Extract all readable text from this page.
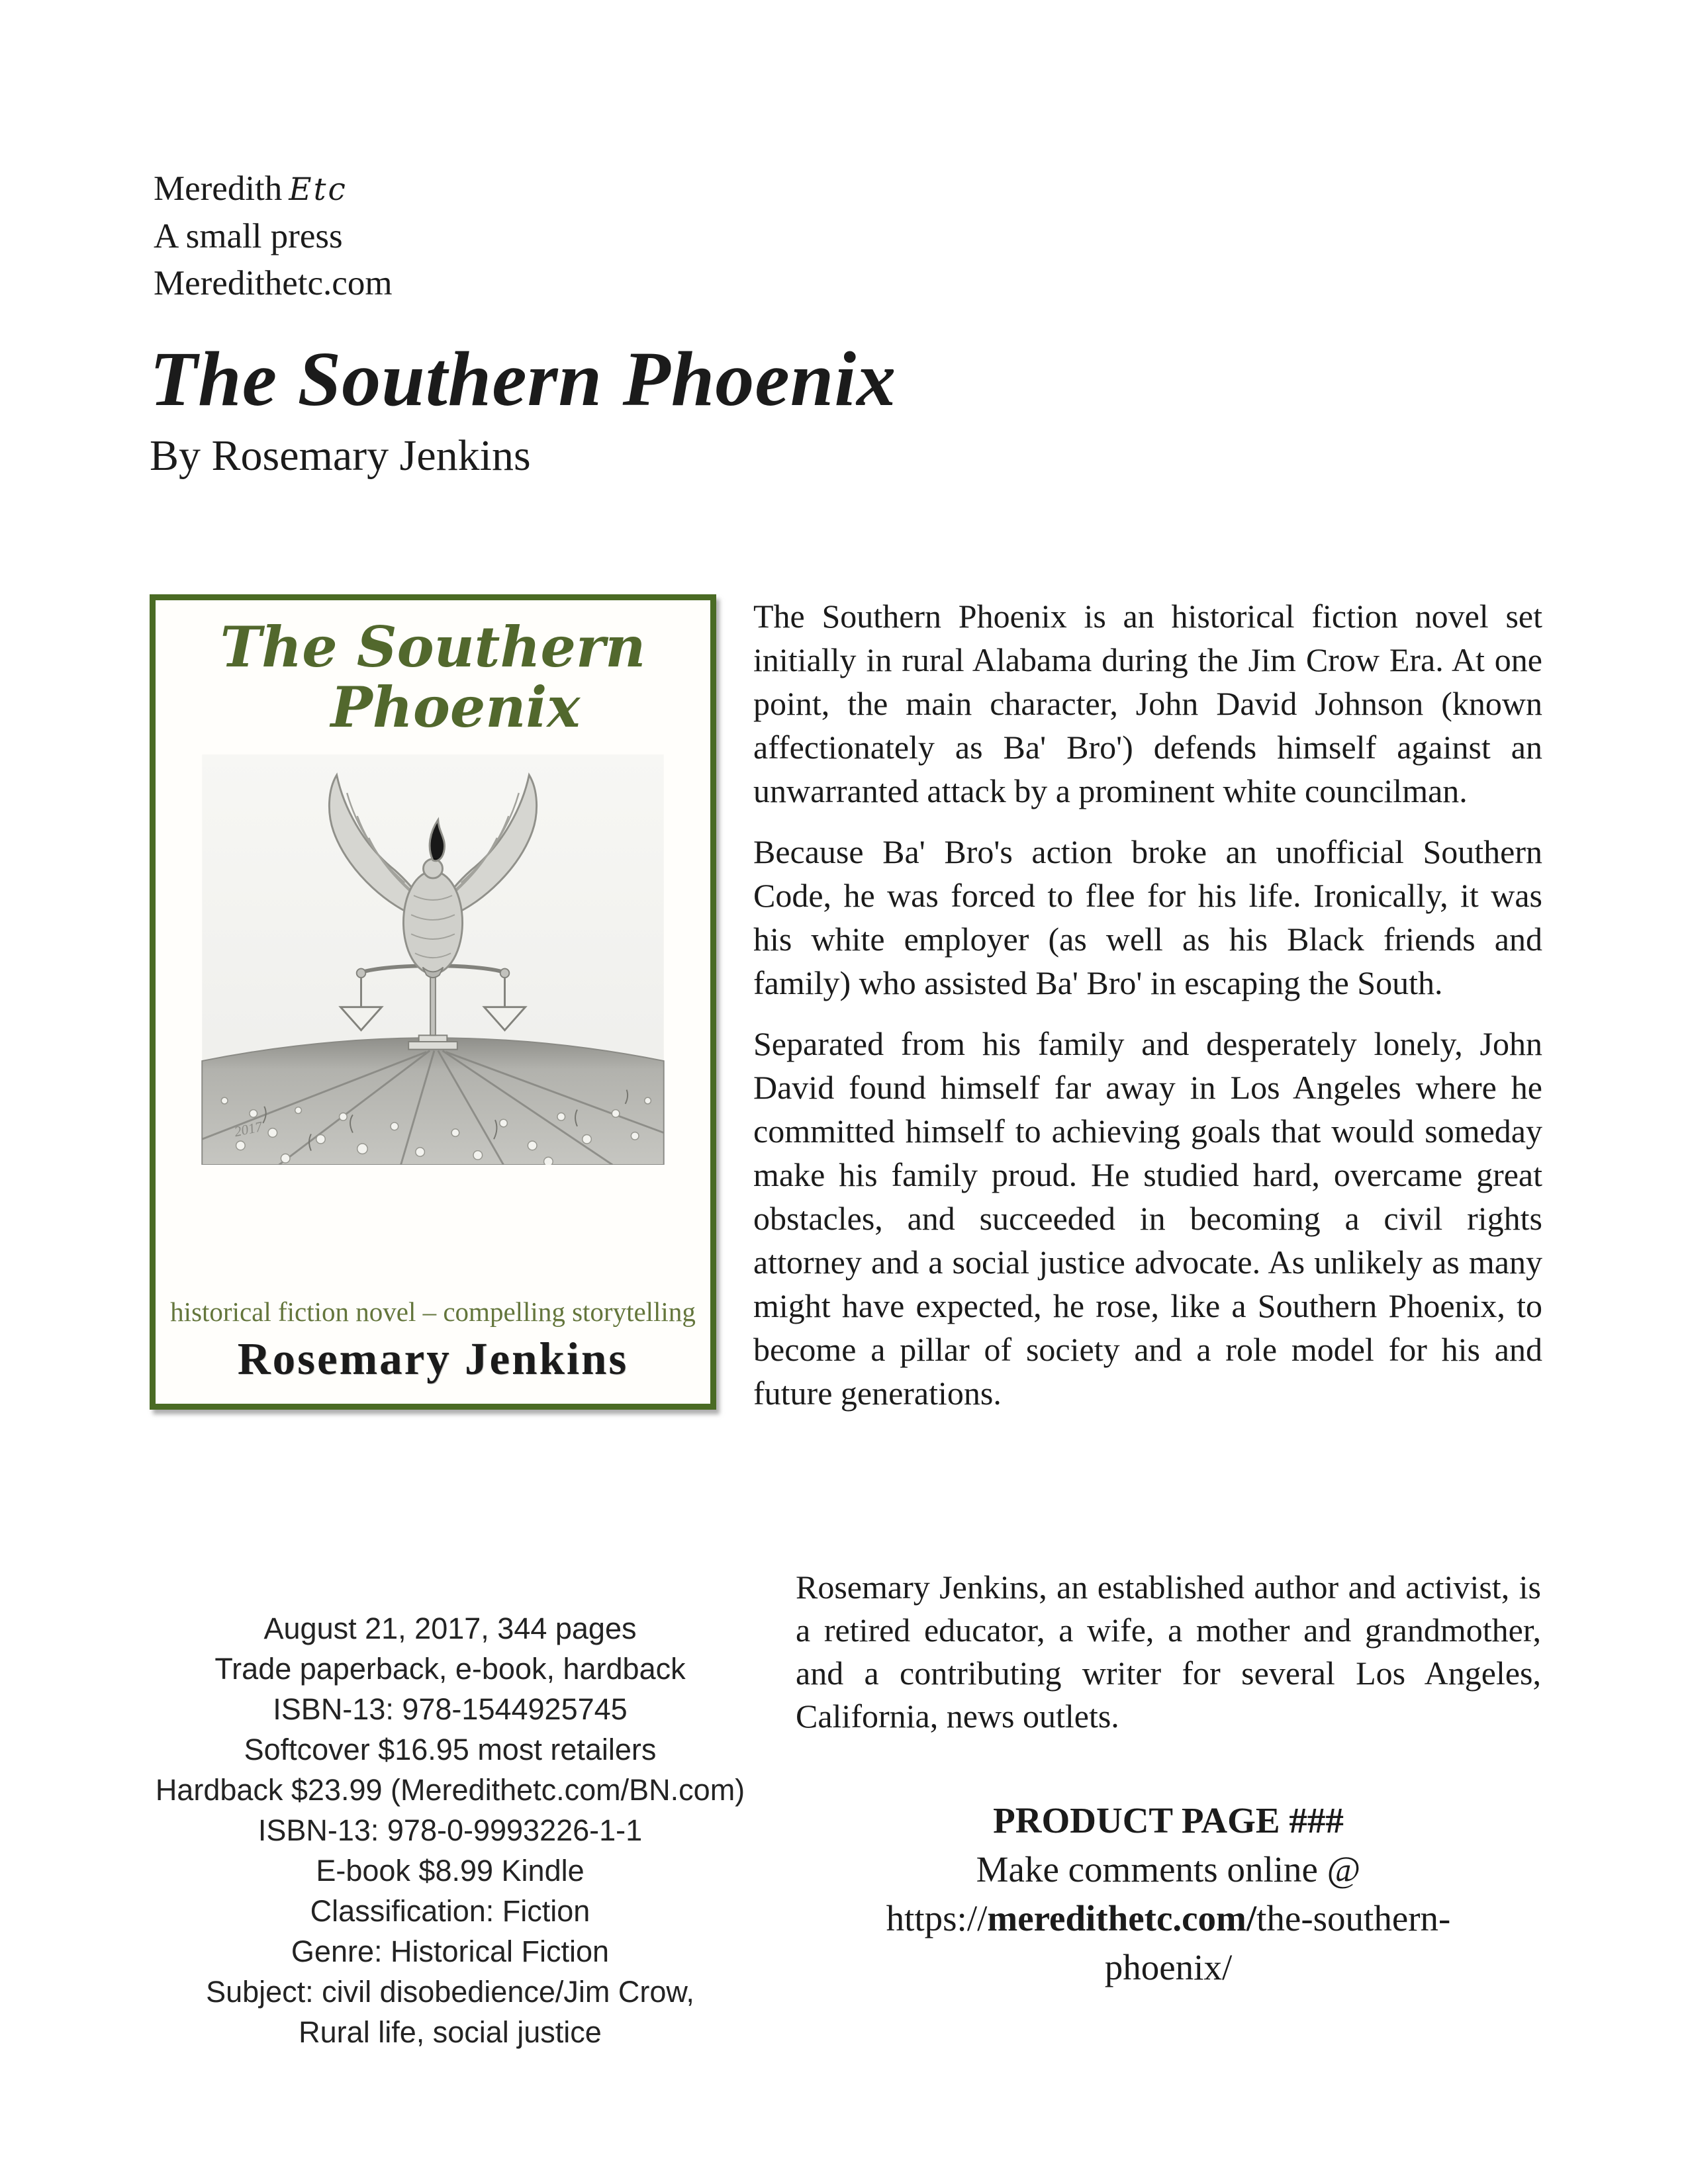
Meredith Etc
A small press
Meredithetc.com
The Southern Phoenix
By Rosemary Jenkins
The Southern
Phoenix
2017
historical fiction novel – compelling storytelling
Rosemary Jenkins

The Southern Phoenix is an historical fiction novel set initially in rural Alabama during the Jim Crow Era. At one point, the main character, John David Johnson (known affectionately as Ba' Bro') defends himself against an unwarranted attack by a prominent white councilman.

Because Ba' Bro's action broke an unofficial Southern Code, he was forced to flee for his life. Ironically, it was his white employer (as well as his Black friends and family) who assisted Ba' Bro' in escaping the South.

Separated from his family and desperately lonely, John David found himself far away in Los Angeles where he committed himself to achieving goals that would someday make his family proud. He studied hard, overcame great obstacles, and succeeded in becoming a civil rights attorney and a social justice advocate. As unlikely as many might have expected, he rose, like a Southern Phoenix, to become a pillar of society and a role model for his and future generations.

August 21, 2017, 344 pages
Trade paperback, e-book, hardback
ISBN-13: 978-1544925745
Softcover $16.95 most retailers
Hardback $23.99 (Meredithetc.com/BN.com)
ISBN-13: 978-0-9993226-1-1
E-book $8.99 Kindle
Classification: Fiction
Genre: Historical Fiction
Subject: civil disobedience/Jim Crow,
Rural life, social justice

Rosemary Jenkins, an established author and activist, is a retired educator, a wife, a mother and grandmother, and a contributing writer for several Los Angeles, California, news outlets.

PRODUCT PAGE ###
Make comments online @
https://meredithetc.com/the-southern-phoenix/
